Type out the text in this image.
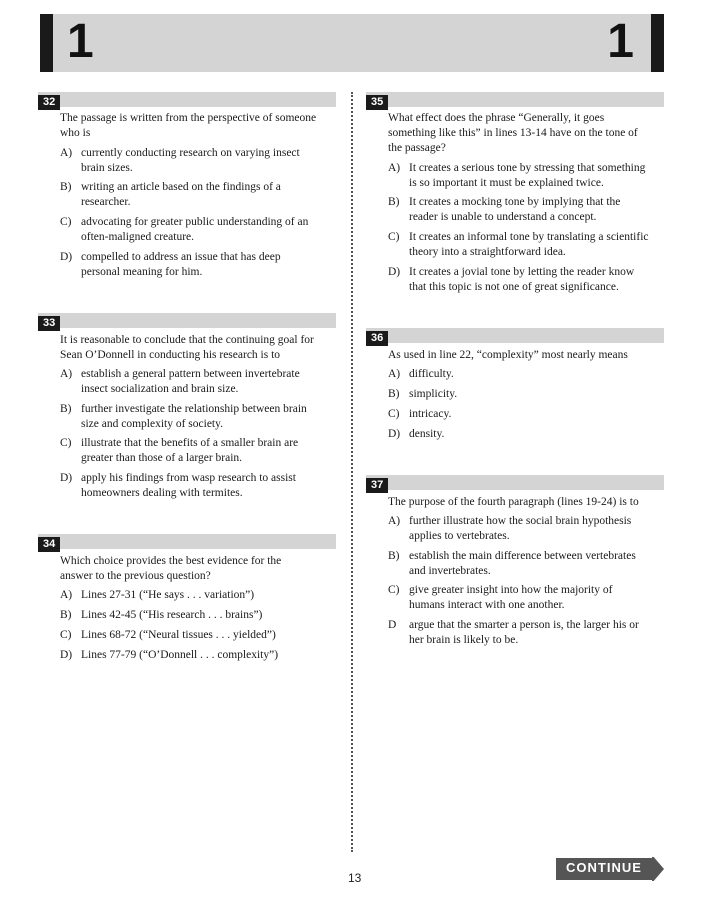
1	1
32
The passage is written from the perspective of someone
who is
A) currently conducting research on varying insect
brain sizes.
B) writing an article based on the findings of a
researcher.
C) advocating for greater public understanding of an
often-maligned creature.
D) compelled to address an issue that has deep
personal meaning for him.
33
It is reasonable to conclude that the continuing goal for
Sean O’Donnell in conducting his research is to
A) establish a general pattern between invertebrate
insect socialization and brain size.
B) further investigate the relationship between brain
size and complexity of society.
C) illustrate that the benefits of a smaller brain are
greater than those of a larger brain.
D) apply his findings from wasp research to assist
homeowners dealing with termites.
34
Which choice provides the best evidence for the
answer to the previous question?
A) Lines 27-31 (“He says . . . variation”)
B) Lines 42-45 (“His research . . . brains”)
C) Lines 68-72 (“Neural tissues . . . yielded”)
D) Lines 77-79 (“O’Donnell . . . complexity”)
35
What effect does the phrase “Generally, it goes
something like this” in lines 13-14 have on the tone of
the passage?
A) It creates a serious tone by stressing that something
is so important it must be explained twice.
B) It creates a mocking tone by implying that the
reader is unable to understand a concept.
C) It creates an informal tone by translating a scientific
theory into a straightforward idea.
D) It creates a jovial tone by letting the reader know
that this topic is not one of great significance.
36
As used in line 22, “complexity” most nearly means
A) difficulty.
B) simplicity.
C) intricacy.
D) density.
37
The purpose of the fourth paragraph (lines 19-24) is to
A) further illustrate how the social brain hypothesis
applies to vertebrates.
B) establish the main difference between vertebrates
and invertebrates.
C) give greater insight into how the majority of
humans interact with one another.
D argue that the smarter a person is, the larger his or
her brain is likely to be.
13
CONTINUE
